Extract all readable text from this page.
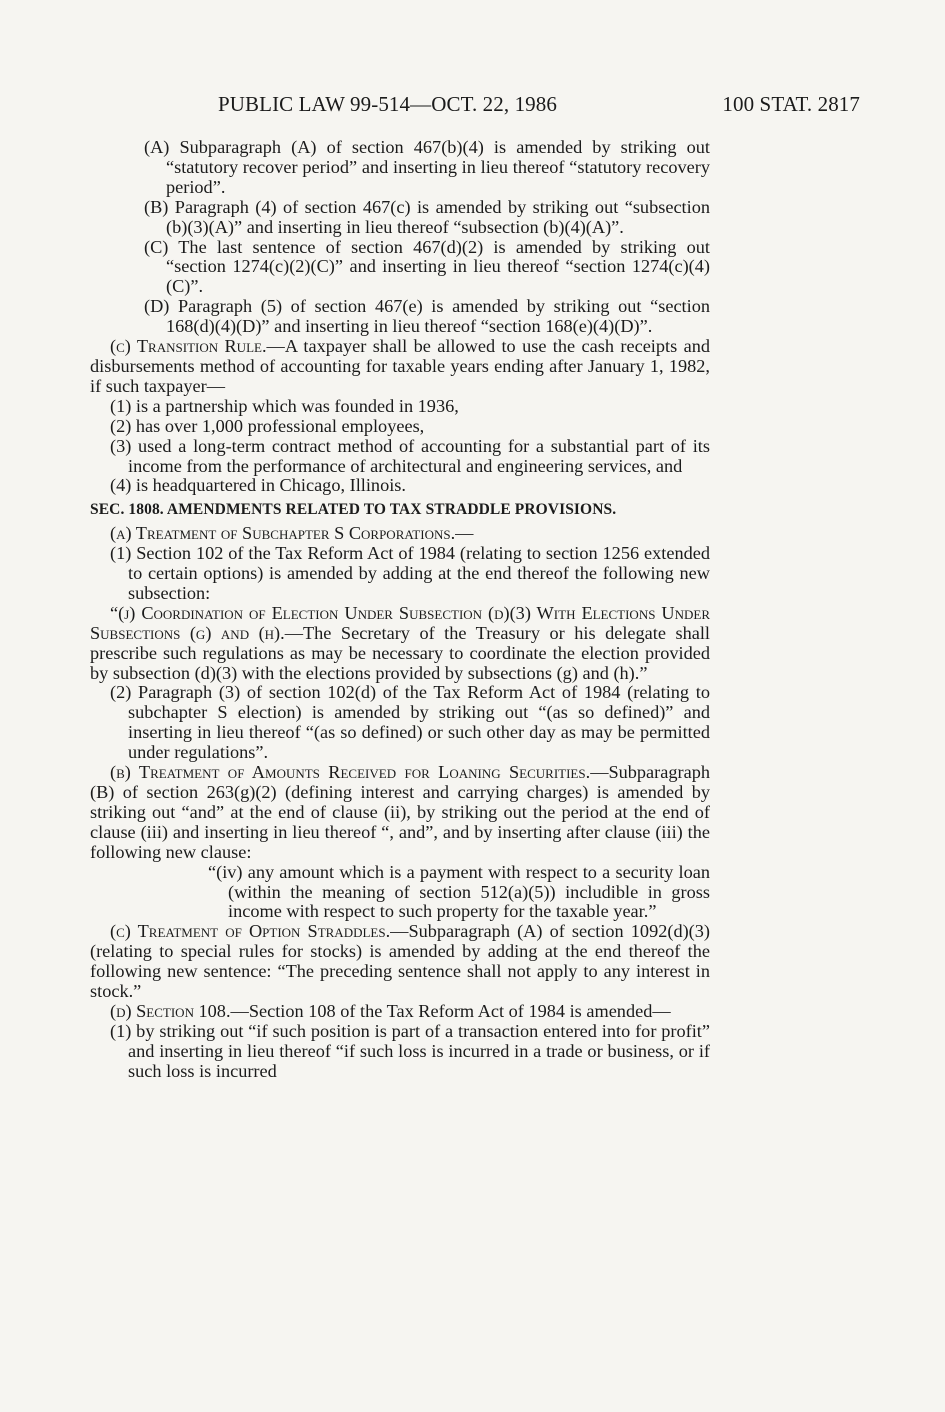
PUBLIC LAW 99-514—OCT. 22, 1986	100 STAT. 2817

(A) Subparagraph (A) of section 467(b)(4) is amended by striking out “statutory recover period” and inserting in lieu thereof “statutory recovery period”.

(B) Paragraph (4) of section 467(c) is amended by striking out “subsection (b)(3)(A)” and inserting in lieu thereof “subsection (b)(4)(A)”.

(C) The last sentence of section 467(d)(2) is amended by striking out “section 1274(c)(2)(C)” and inserting in lieu thereof “section 1274(c)(4)(C)”.

(D) Paragraph (5) of section 467(e) is amended by striking out “section 168(d)(4)(D)” and inserting in lieu thereof “section 168(e)(4)(D)”.

(c) Transition Rule.—A taxpayer shall be allowed to use the cash receipts and disbursements method of accounting for taxable years ending after January 1, 1982, if such taxpayer—

(1) is a partnership which was founded in 1936,

(2) has over 1,000 professional employees,

(3) used a long-term contract method of accounting for a substantial part of its income from the performance of architectural and engineering services, and

(4) is headquartered in Chicago, Illinois.

SEC. 1808. AMENDMENTS RELATED TO TAX STRADDLE PROVISIONS.

(a) Treatment of Subchapter S Corporations.—

(1) Section 102 of the Tax Reform Act of 1984 (relating to section 1256 extended to certain options) is amended by adding at the end thereof the following new subsection:

“(j) Coordination of Election Under Subsection (d)(3) With Elections Under Subsections (g) and (h).—The Secretary of the Treasury or his delegate shall prescribe such regulations as may be necessary to coordinate the election provided by subsection (d)(3) with the elections provided by subsections (g) and (h).”

(2) Paragraph (3) of section 102(d) of the Tax Reform Act of 1984 (relating to subchapter S election) is amended by striking out “(as so defined)” and inserting in lieu thereof “(as so defined) or such other day as may be permitted under regulations”.

(b) Treatment of Amounts Received for Loaning Securities.—Subparagraph (B) of section 263(g)(2) (defining interest and carrying charges) is amended by striking out “and” at the end of clause (ii), by striking out the period at the end of clause (iii) and inserting in lieu thereof “, and”, and by inserting after clause (iii) the following new clause:

“(iv) any amount which is a payment with respect to a security loan (within the meaning of section 512(a)(5)) includible in gross income with respect to such property for the taxable year.”

(c) Treatment of Option Straddles.—Subparagraph (A) of section 1092(d)(3) (relating to special rules for stocks) is amended by adding at the end thereof the following new sentence: “The preceding sentence shall not apply to any interest in stock.”

(d) Section 108.—Section 108 of the Tax Reform Act of 1984 is amended—

(1) by striking out “if such position is part of a transaction entered into for profit” and inserting in lieu thereof “if such loss is incurred in a trade or business, or if such loss is incurred
